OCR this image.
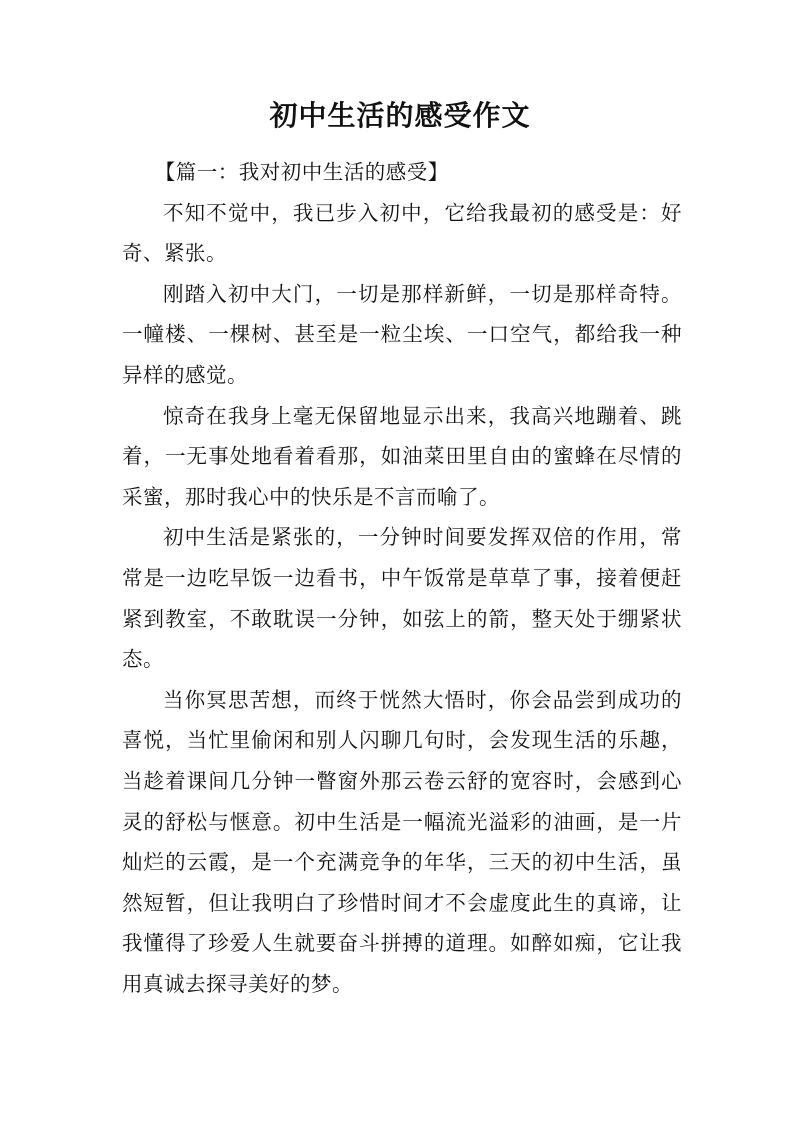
初中生活的感受作文

【篇一：我对初中生活的感受】

不知不觉中，我已步入初中，它给我最初的感受是：好奇、紧张。

刚踏入初中大门，一切是那样新鲜，一切是那样奇特。一幢楼、一棵树、甚至是一粒尘埃、一口空气，都给我一种异样的感觉。

惊奇在我身上毫无保留地显示出来，我高兴地蹦着、跳着，一无事处地看着看那，如油菜田里自由的蜜蜂在尽情的采蜜，那时我心中的快乐是不言而喻了。

初中生活是紧张的，一分钟时间要发挥双倍的作用，常常是一边吃早饭一边看书，中午饭常是草草了事，接着便赶紧到教室，不敢耽误一分钟，如弦上的箭，整天处于绷紧状态。

当你冥思苦想，而终于恍然大悟时，你会品尝到成功的喜悦，当忙里偷闲和别人闪聊几句时，会发现生活的乐趣，当趁着课间几分钟一瞥窗外那云卷云舒的宽容时，会感到心灵的舒松与惬意。初中生活是一幅流光溢彩的油画，是一片灿烂的云霞，是一个充满竞争的年华，三天的初中生活，虽然短暂，但让我明白了珍惜时间才不会虚度此生的真谛，让我懂得了珍爱人生就要奋斗拼搏的道理。如醉如痴，它让我用真诚去探寻美好的梦。
